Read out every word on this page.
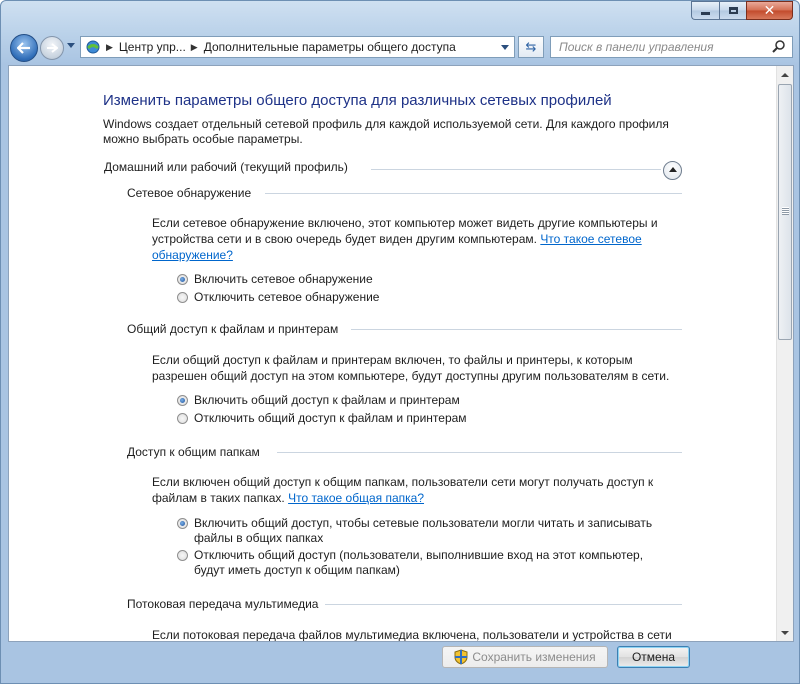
✕
▶ Центр упр... ▶ Дополнительные параметры общего доступа	⇆ Поиск в панели управления
Изменить параметры общего доступа для различных сетевых профилей
Windows создает отдельный сетевой профиль для каждой используемой сети. Для каждого профиля
можно выбрать особые параметры.
Домашний или рабочий (текущий профиль)
Сетевое обнаружение
Если сетевое обнаружение включено, этот компьютер может видеть другие компьютеры и
устройства сети и в свою очередь будет виден другим компьютерам. Что такое сетевое
обнаружение?
Включить сетевое обнаружение
Отключить сетевое обнаружение
Общий доступ к файлам и принтерам
Если общий доступ к файлам и принтерам включен, то файлы и принтеры, к которым
разрешен общий доступ на этом компьютере, будут доступны другим пользователям в сети.
Включить общий доступ к файлам и принтерам
Отключить общий доступ к файлам и принтерам
Доступ к общим папкам
Если включен общий доступ к общим папкам, пользователи сети могут получать доступ к
файлам в таких папках. Что такое общая папка?
Включить общий доступ, чтобы сетевые пользователи могли читать и записывать
файлы в общих папках
Отключить общий доступ (пользователи, выполнившие вход на этот компьютер,
будут иметь доступ к общим папкам)
Потоковая передача мультимедиа
Если потоковая передача файлов мультимедиа включена, пользователи и устройства в сети
Сохранить изменения	Отмена
